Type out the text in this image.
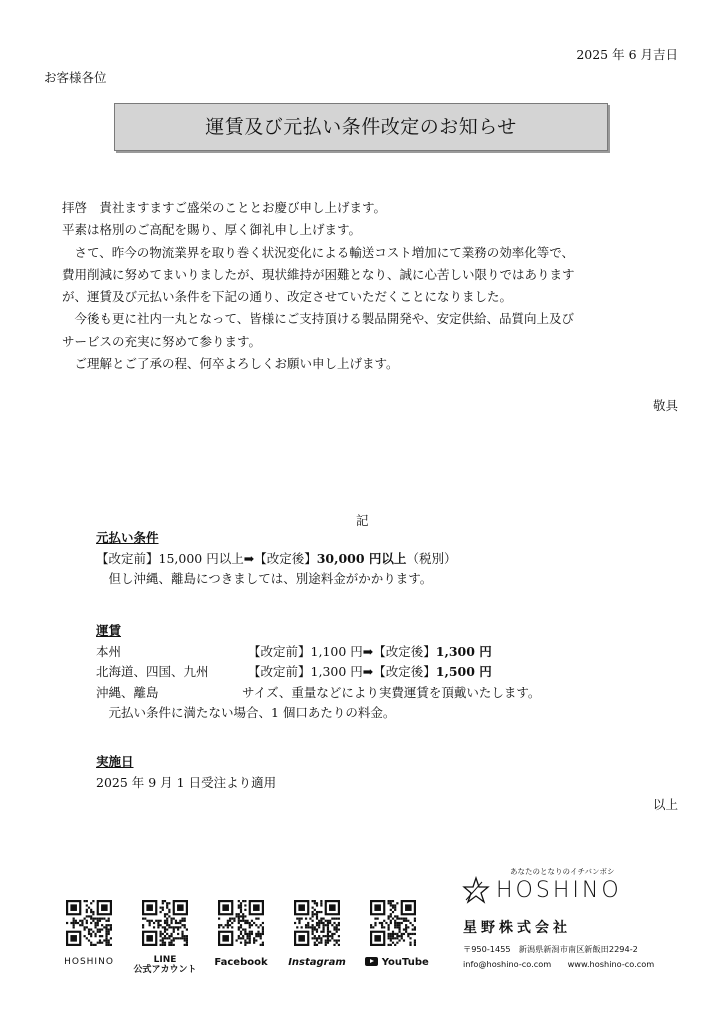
2025 年 6 月吉日
お客様各位
運賃及び元払い条件改定のお知らせ

拝啓　貴社ますますご盛栄のこととお慶び申し上げます。

平素は格別のご高配を賜り、厚く御礼申し上げます。

　さて、昨今の物流業界を取り巻く状況変化による輸送コスト増加にて業務の効率化等で、

費用削減に努めてまいりましたが、現状維持が困難となり、誠に心苦しい限りではあります

が、運賃及び元払い条件を下記の通り、改定させていただくことになりました。

　今後も更に社内一丸となって、皆様にご支持頂ける製品開発や、安定供給、品質向上及び

サービスの充実に努めて参ります。

　ご理解とご了承の程、何卒よろしくお願い申し上げます。

敬具
記

元払い条件

【改定前】15,000 円以上➡【改定後】30,000 円以上（税別）

　但し沖縄、離島につきましては、別途料金がかかります。

運賃

本州	【改定前】1,100 円➡【改定後】1,300 円
北海道、四国、九州	【改定前】1,300 円➡【改定後】1,500 円
沖縄、離島	サイズ、重量などにより実費運賃を頂戴いたします。

　元払い条件に満たない場合、1 個口あたりの料金。

実施日

2025 年 9 月 1 日受注より適用

以上
HOSHINO	LINE
公式アカウント
Facebook	Instagram	YouTube
あなたのとなりのイチバンボシ
HOSHINO
星野株式会社
〒950-1455　新潟県新潟市南区新飯田2294-2
info@hoshino-co.com　　www.hoshino-co.com
